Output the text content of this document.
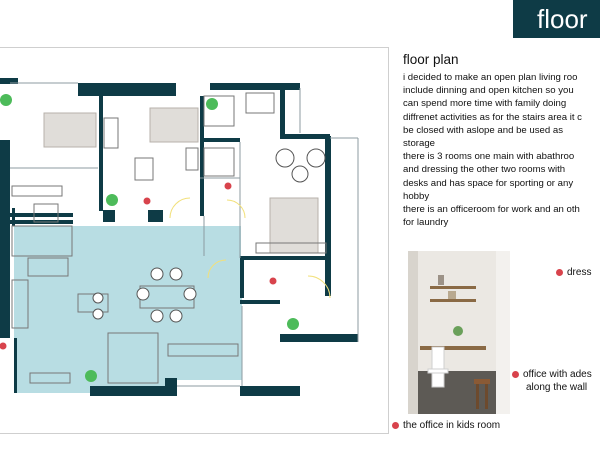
floor
floor plan

i decided to make an open plan living roo

include dinning and open kitchen so you

can spend more time with family doing

diffrenet activities as for the stairs area it c

be closed with aslope and be used as

storage

there is 3 rooms one main with abathroo

and dressing the other two rooms with

desks and has space for sporting or any

hobby

there is an officeroom for work and an oth

for laundry

dress
office with ades
along the wall
the office in kids room
